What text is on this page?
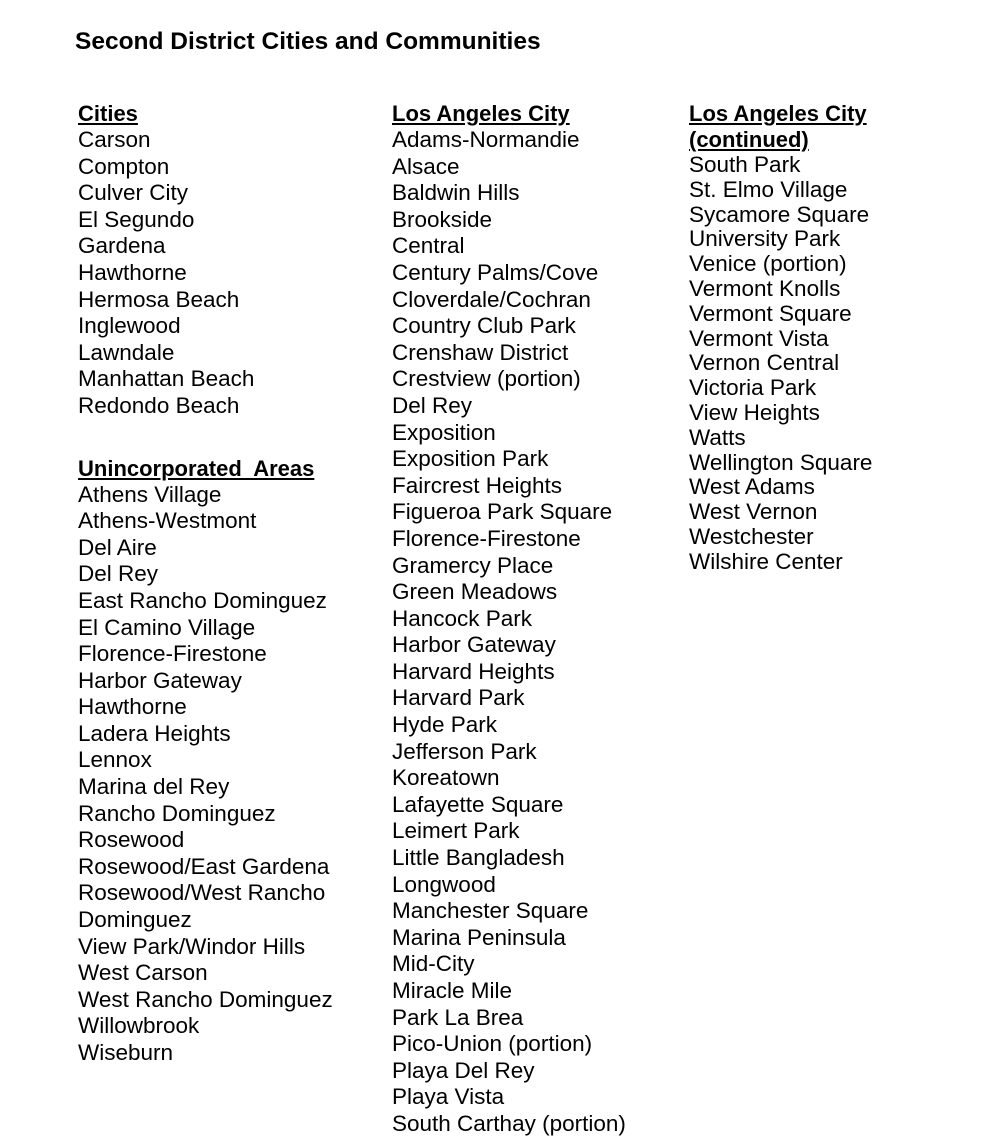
Second District Cities and Communities
Cities
Carson
Compton
Culver City
El Segundo
Gardena
Hawthorne
Hermosa Beach
Inglewood
Lawndale
Manhattan Beach
Redondo Beach
Unincorporated  Areas
Athens Village
Athens-Westmont
Del Aire
Del Rey
East Rancho Dominguez
El Camino Village
Florence-Firestone
Harbor Gateway
Hawthorne
Ladera Heights
Lennox
Marina del Rey
Rancho Dominguez
Rosewood
Rosewood/East Gardena
Rosewood/West Rancho Dominguez
View Park/Windor Hills
West Carson
West Rancho Dominguez
Willowbrook
Wiseburn
Los Angeles City
Adams-Normandie
Alsace
Baldwin Hills
Brookside
Central
Century Palms/Cove
Cloverdale/Cochran
Country Club Park
Crenshaw District
Crestview (portion)
Del Rey
Exposition
Exposition Park
Faircrest Heights
Figueroa Park Square
Florence-Firestone
Gramercy Place
Green Meadows
Hancock Park
Harbor Gateway
Harvard Heights
Harvard Park
Hyde Park
Jefferson Park
Koreatown
Lafayette Square
Leimert Park
Little Bangladesh
Longwood
Manchester Square
Marina Peninsula
Mid-City
Miracle Mile
Park La Brea
Pico-Union (portion)
Playa Del Rey
Playa Vista
South Carthay (portion)
Los Angeles City
(continued)
South Park
St. Elmo Village
Sycamore Square
University Park
Venice (portion)
Vermont Knolls
Vermont Square
Vermont Vista
Vernon Central
Victoria Park
View Heights
Watts
Wellington Square
West Adams
West Vernon
Westchester
Wilshire Center
